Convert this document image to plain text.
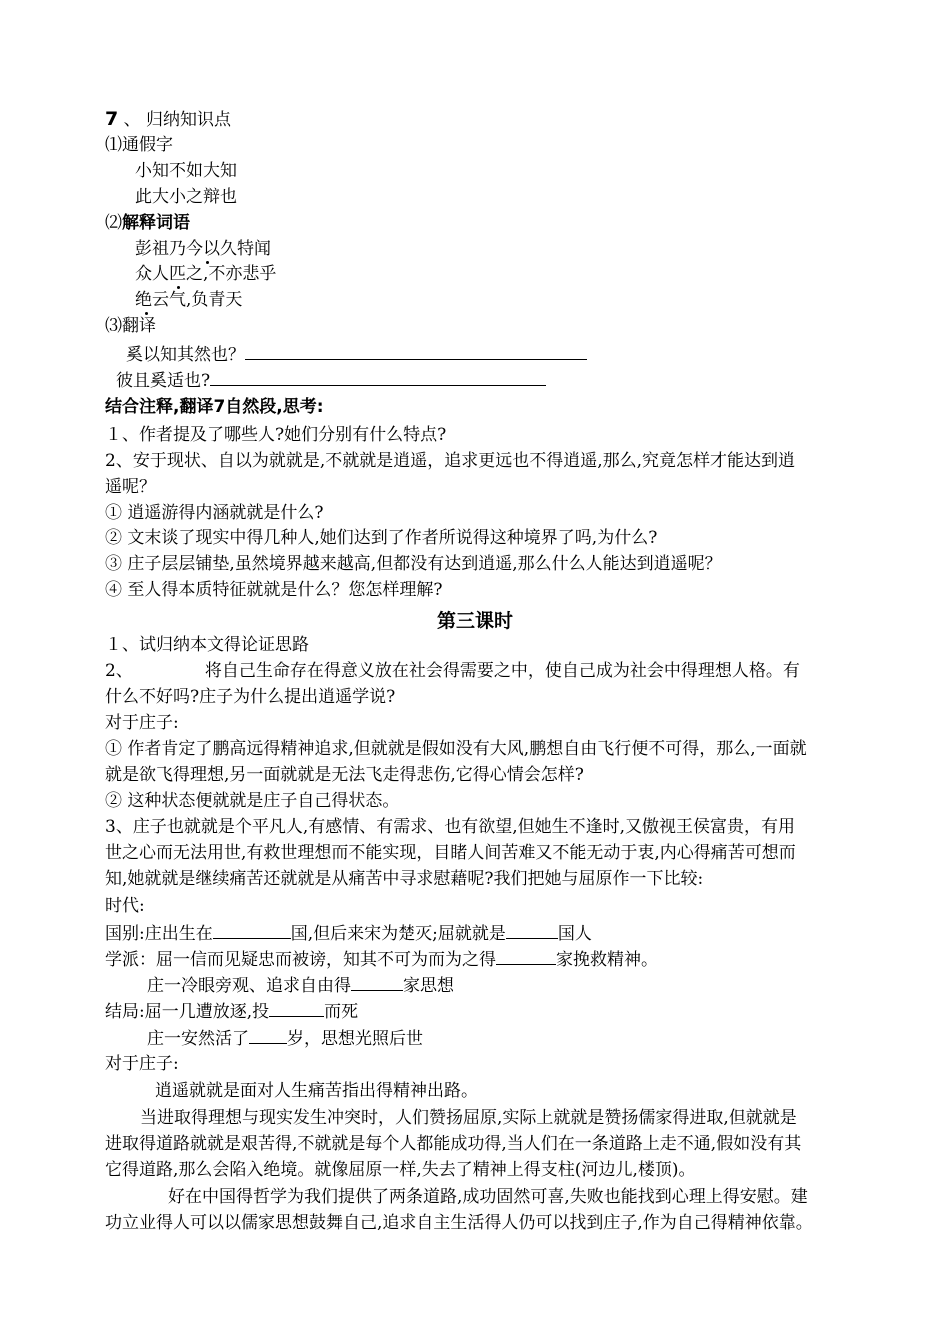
7 、 归纳知识点
⑴通假字
小知不如大知
此大小之辩也
⑵解释词语
彭祖乃今以久特闻
众人匹之,不亦悲乎
绝云气,负青天
⑶翻译
奚以知其然也？
彼且奚适也?
结合注释,翻译7自然段,思考:
１、作者提及了哪些人?她们分别有什么特点?
2、安于现状、自以为就就是,不就就是逍遥，追求更远也不得逍遥,那么,究竟怎样才能达到逍
遥呢？
① 逍遥游得内涵就就是什么?
② 文末谈了现实中得几种人,她们达到了作者所说得这种境界了吗,为什么?
③ 庄子层层铺垫,虽然境界越来越高,但都没有达到逍遥,那么什么人能达到逍遥呢？
④ 至人得本质特征就就是什么？您怎样理解?
第三课时
１、试归纳本文得论证思路
2、	将自己生命存在得意义放在社会得需要之中，使自己成为社会中得理想人格。有
什么不好吗?庄子为什么提出逍遥学说?
对于庄子:
① 作者肯定了鹏高远得精神追求,但就就是假如没有大风,鹏想自由飞行便不可得，那么,一面就
就是欲飞得理想,另一面就就是无法飞走得悲伤,它得心情会怎样?
② 这种状态便就就是庄子自己得状态。
3、庄子也就就是个平凡人,有感情、有需求、也有欲望,但她生不逢时,又傲视王侯富贵，有用
世之心而无法用世,有救世理想而不能实现，目睹人间苦难又不能无动于衷,内心得痛苦可想而
知,她就就是继续痛苦还就就是从痛苦中寻求慰藉呢?我们把她与屈原作一下比较:
时代:
国别:庄出生在	国,但后来宋为楚灭;屈就就是	国人
学派：屈一信而见疑忠而被谤，知其不可为而为之得	家挽救精神。
庄一冷眼旁观、追求自由得	家思想
结局:屈一几遭放逐,投	而死
庄一安然活了 岁，思想光照后世
对于庄子:
逍遥就就是面对人生痛苦指出得精神出路。
当进取得理想与现实发生冲突时，人们赞扬屈原,实际上就就是赞扬儒家得进取,但就就是
进取得道路就就是艰苦得,不就就是每个人都能成功得,当人们在一条道路上走不通,假如没有其
它得道路,那么会陷入绝境。就像屈原一样,失去了精神上得支柱(河边儿,楼顶)。
好在中国得哲学为我们提供了两条道路,成功固然可喜,失败也能找到心理上得安慰。建
功立业得人可以以儒家思想鼓舞自己,追求自主生活得人仍可以找到庄子,作为自己得精神依靠。
